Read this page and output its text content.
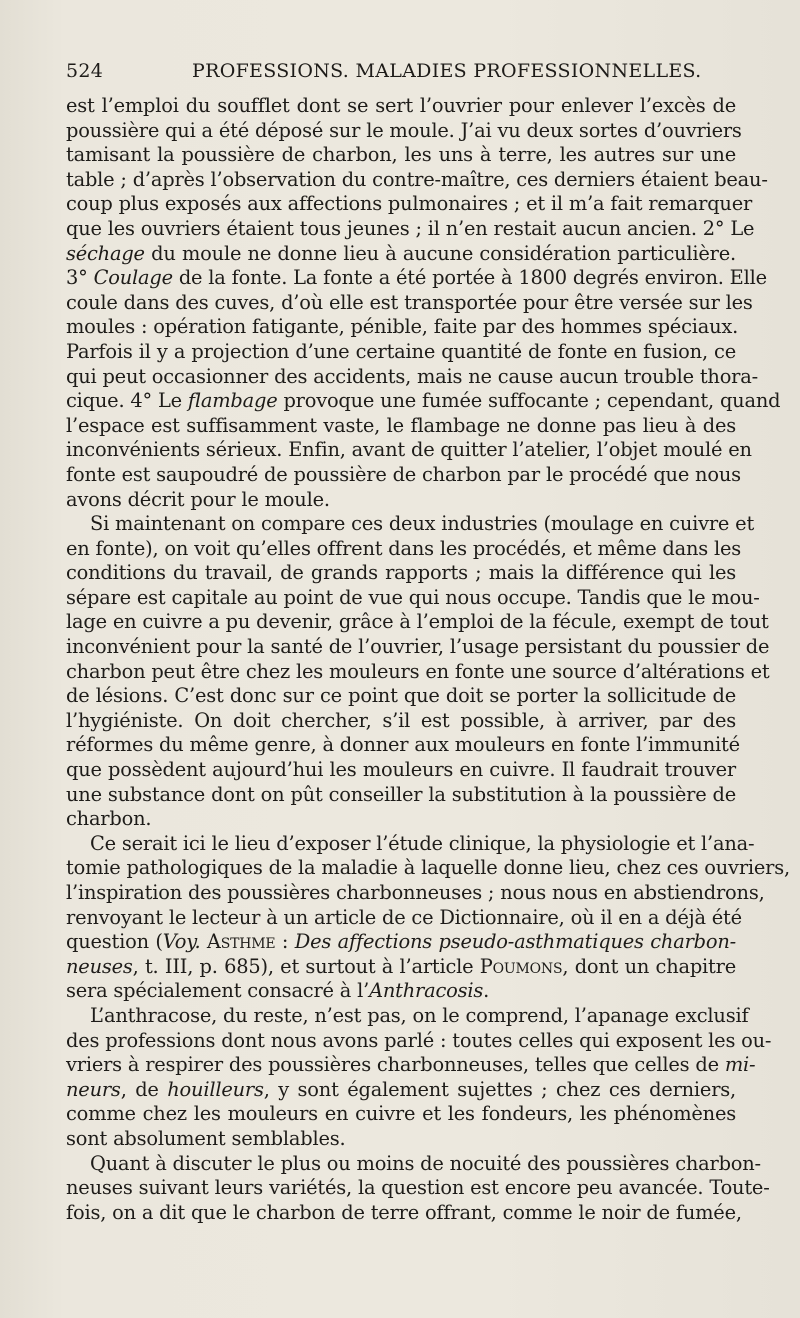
524	PROFESSIONS. MALADIES PROFESSIONNELLES.

est l’emploi du soufflet dont se sert l’ouvrier pour enlever l’excès de
poussière qui a été déposé sur le moule. J’ai vu deux sortes d’ouvriers
tamisant la poussière de charbon, les uns à terre, les autres sur une
table ; d’après l’observation du contre-maître, ces derniers étaient beau-
coup plus exposés aux affections pulmonaires ; et il m’a fait remarquer
que les ouvriers étaient tous jeunes ; il n’en restait aucun ancien. 2° Le
séchage du moule ne donne lieu à aucune considération particulière.
3° Coulage de la fonte. La fonte a été portée à 1800 degrés environ. Elle
coule dans des cuves, d’où elle est transportée pour être versée sur les
moules : opération fatigante, pénible, faite par des hommes spéciaux.
Parfois il y a projection d’une certaine quantité de fonte en fusion, ce
qui peut occasionner des accidents, mais ne cause aucun trouble thora-
cique. 4° Le flambage provoque une fumée suffocante ; cependant, quand
l’espace est suffisamment vaste, le flambage ne donne pas lieu à des
inconvénients sérieux. Enfin, avant de quitter l’atelier, l’objet moulé en
fonte est saupoudré de poussière de charbon par le procédé que nous
avons décrit pour le moule.

Si maintenant on compare ces deux industries (moulage en cuivre et
en fonte), on voit qu’elles offrent dans les procédés, et même dans les
conditions du travail, de grands rapports ; mais la différence qui les
sépare est capitale au point de vue qui nous occupe. Tandis que le mou-
lage en cuivre a pu devenir, grâce à l’emploi de la fécule, exempt de tout
inconvénient pour la santé de l’ouvrier, l’usage persistant du poussier de
charbon peut être chez les mouleurs en fonte une source d’altérations et
de lésions. C’est donc sur ce point que doit se porter la sollicitude de
l’hygiéniste. On doit chercher, s’il est possible, à arriver, par des
réformes du même genre, à donner aux mouleurs en fonte l’immunité
que possèdent aujourd’hui les mouleurs en cuivre. Il faudrait trouver
une substance dont on pût conseiller la substitution à la poussière de
charbon.

Ce serait ici le lieu d’exposer l’étude clinique, la physiologie et l’ana-
tomie pathologiques de la maladie à laquelle donne lieu, chez ces ouvriers,
l’inspiration des poussières charbonneuses ; nous nous en abstiendrons,
renvoyant le lecteur à un article de ce Dictionnaire, où il en a déjà été
question (Voy. Asthme : Des affections pseudo-asthmatiques charbon-
neuses, t. III, p. 685), et surtout à l’article Poumons, dont un chapitre
sera spécialement consacré à l’Anthracosis.

L’anthracose, du reste, n’est pas, on le comprend, l’apanage exclusif
des professions dont nous avons parlé : toutes celles qui exposent les ou-
vriers à respirer des poussières charbonneuses, telles que celles de mi-
neurs, de houilleurs, y sont également sujettes ; chez ces derniers,
comme chez les mouleurs en cuivre et les fondeurs, les phénomènes
sont absolument semblables.

Quant à discuter le plus ou moins de nocuité des poussières charbon-
neuses suivant leurs variétés, la question est encore peu avancée. Toute-
fois, on a dit que le charbon de terre offrant, comme le noir de fumée,
